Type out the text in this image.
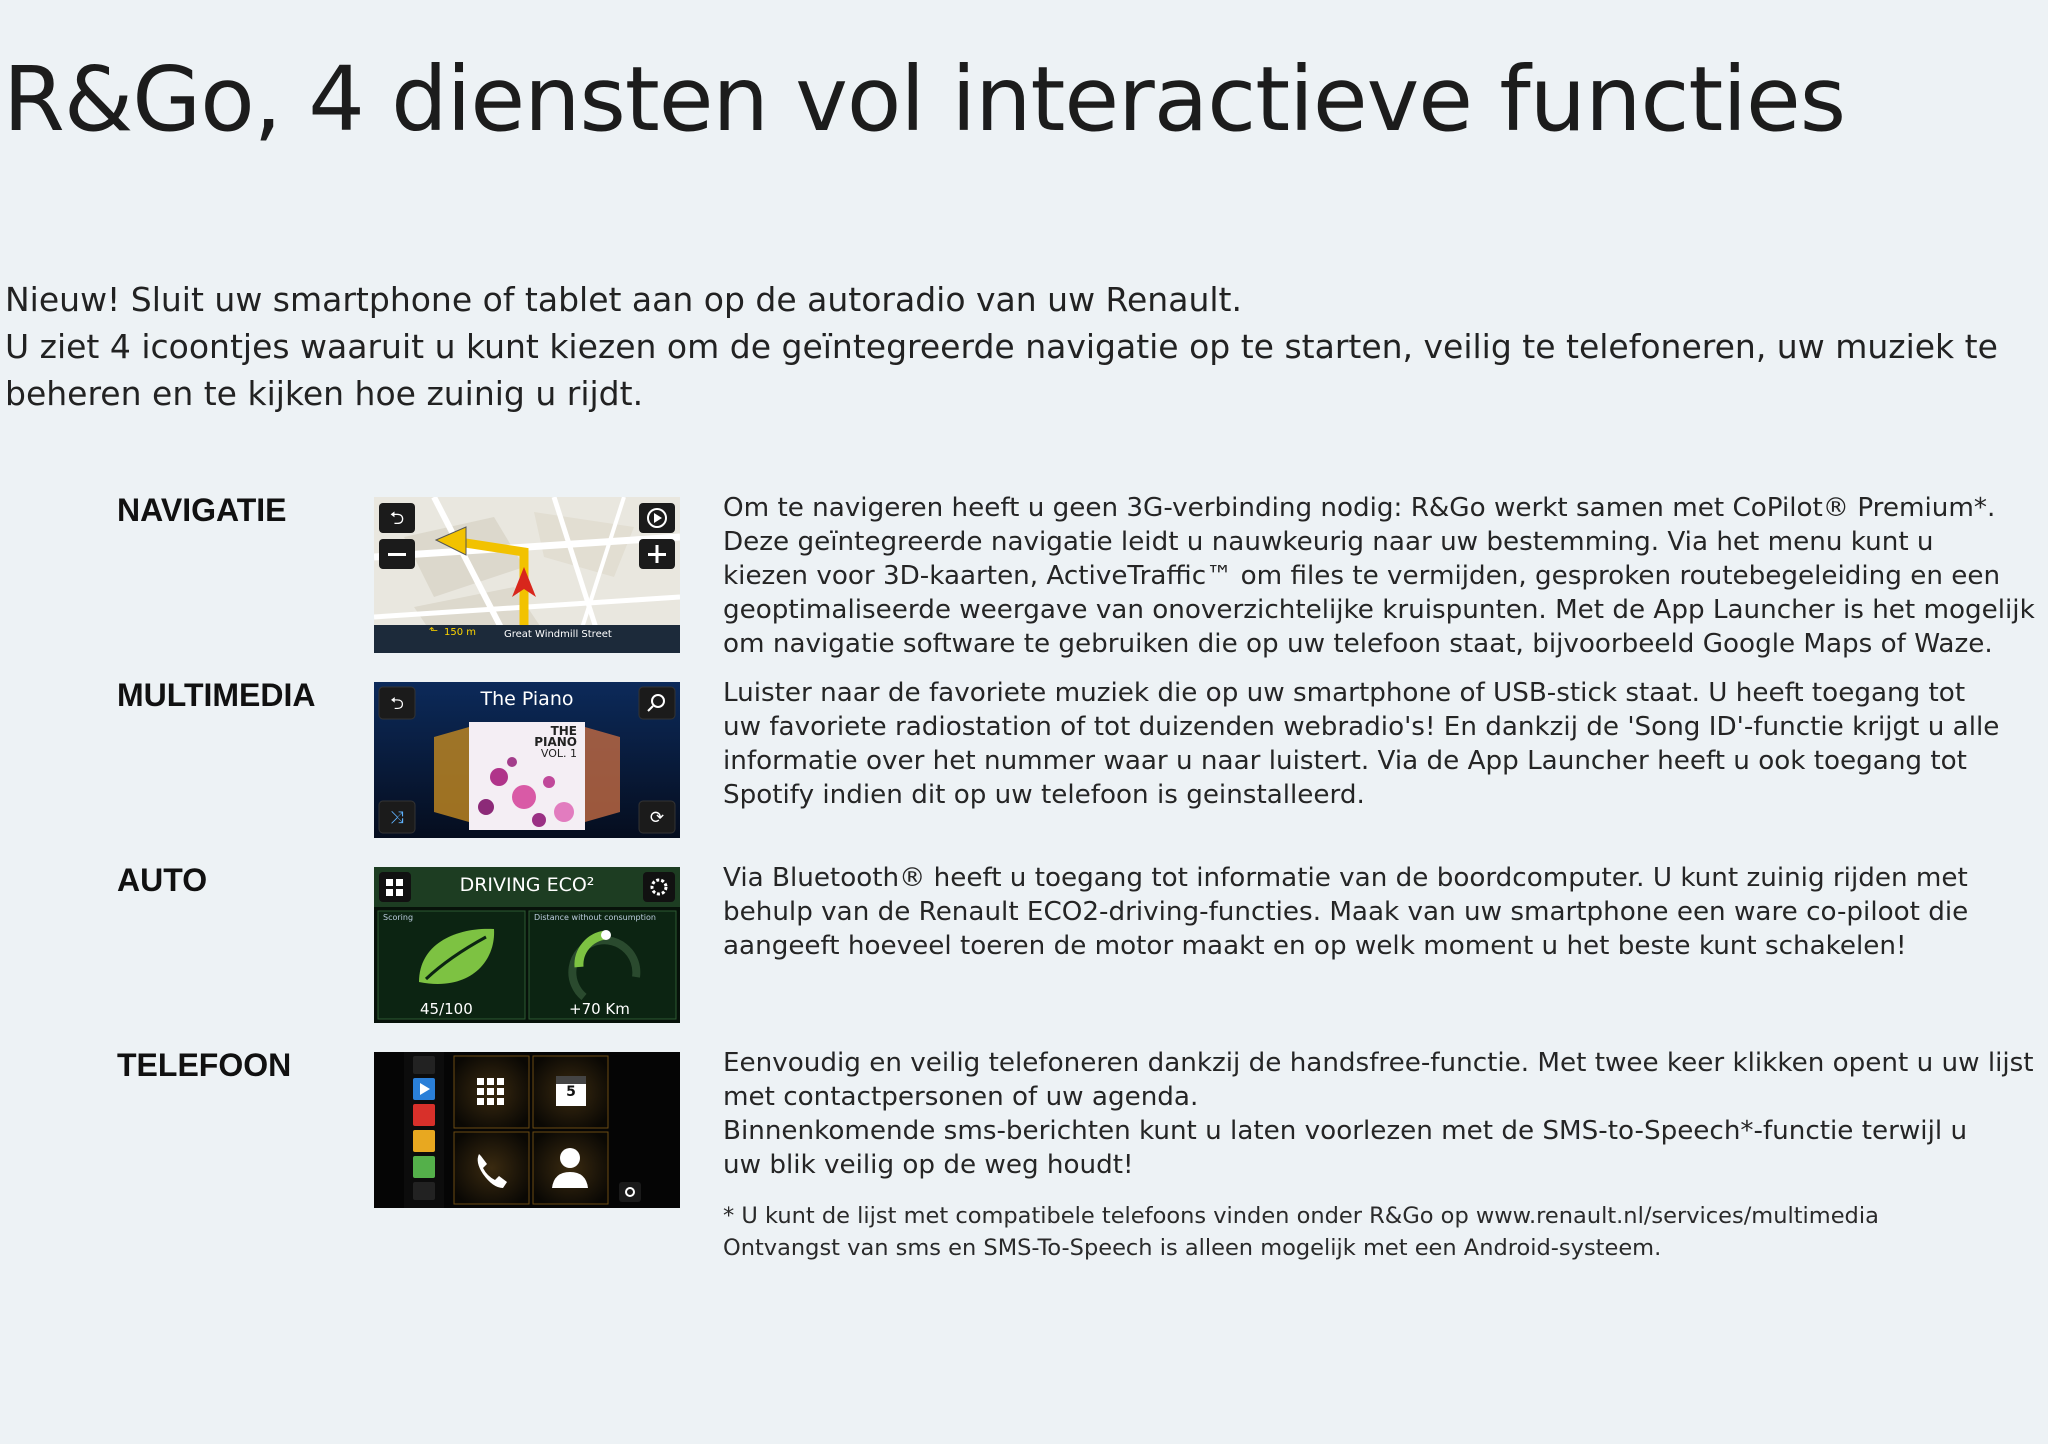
R&Go, 4 diensten vol interactieve functies

Nieuw! Sluit uw smartphone of tablet aan op de autoradio van uw Renault.

U ziet 4 icoontjes waaruit u kunt kiezen om de geïntegreerde navigatie op te starten, veilig te telefoneren, uw muziek te beheren en te kijken hoe zuinig u rijdt.

NAVIGATIE	⮌
⬑ 150 m	Great Windmill Street

Om te navigeren heeft u geen 3G-verbinding nodig: R&Go werkt samen met CoPilot® Premium*.

Deze geïntegreerde navigatie leidt u nauwkeurig naar uw bestemming. Via het menu kunt u

kiezen voor 3D-kaarten, ActiveTraffic™ om files te vermijden, gesproken routebegeleiding en een

geoptimaliseerde weergave van onoverzichtelijke kruispunten. Met de App Launcher is het mogelijk

om navigatie software te gebruiken die op uw telefoon staat, bijvoorbeeld Google Maps of Waze.

MULTIMEDIA	⮌
⤨	⟳
The Piano
THE
PIANO
VOL. 1

Luister naar de favoriete muziek die op uw smartphone of USB-stick staat. U heeft toegang tot

uw favoriete radiostation of tot duizenden webradio's! En dankzij de 'Song ID'-functie krijgt u alle

informatie over het nummer waar u naar luistert. Via de App Launcher heeft u ook toegang tot

Spotify indien dit op uw telefoon is geinstalleerd.

AUTO	DRIVING ECO²
Scoring	Distance without consumption
45/100	+70 Km

Via Bluetooth® heeft u toegang tot informatie van de boordcomputer. U kunt zuinig rijden met

behulp van de Renault ECO2-driving-functies. Maak van uw smartphone een ware co-piloot die

aangeeft hoeveel toeren de motor maakt en op welk moment u het beste kunt schakelen!

TELEFOON
5

Eenvoudig en veilig telefoneren dankzij de handsfree-functie. Met twee keer klikken opent u uw lijst

met contactpersonen of uw agenda.

Binnenkomende sms-berichten kunt u laten voorlezen met de SMS-to-Speech*-functie terwijl u

uw blik veilig op de weg houdt!

* U kunt de lijst met compatibele telefoons vinden onder R&Go op www.renault.nl/services/multimedia

Ontvangst van sms en SMS-To-Speech is alleen mogelijk met een Android-systeem.
